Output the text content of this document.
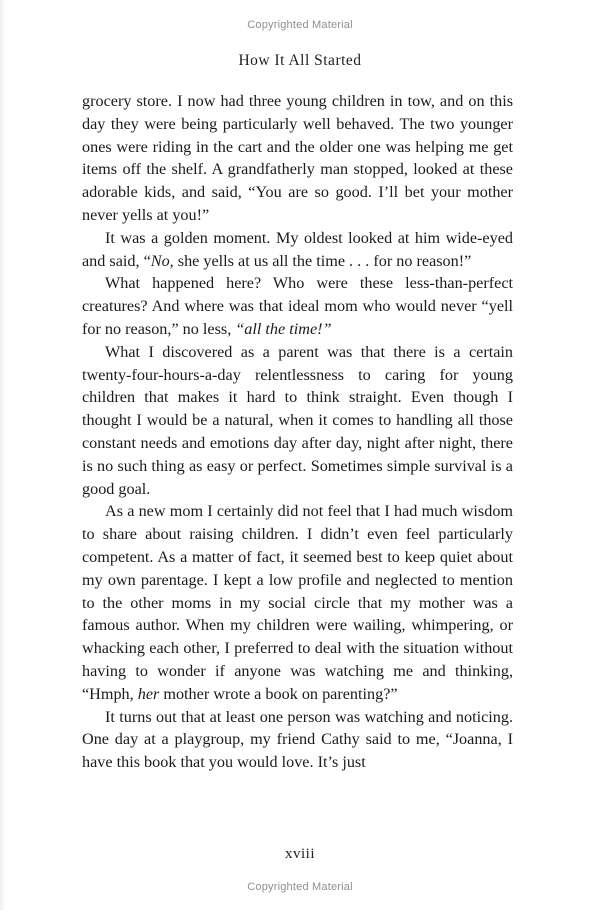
Copyrighted Material
How It All Started

grocery store. I now had three young children in tow, and on this day they were being particularly well behaved. The two younger ones were riding in the cart and the older one was helping me get items off the shelf. A grandfatherly man stopped, looked at these adorable kids, and said, “You are so good. I’ll bet your mother never yells at you!”

It was a golden moment. My oldest looked at him wide-eyed and said, “No, she yells at us all the time . . . for no reason!”

What happened here? Who were these less-than-perfect creatures? And where was that ideal mom who would never “yell for no reason,” no less, “all the time!”

What I discovered as a parent was that there is a certain twenty-four-hours-a-day relentlessness to caring for young children that makes it hard to think straight. Even though I thought I would be a natural, when it comes to handling all those constant needs and emotions day after day, night after night, there is no such thing as easy or perfect. Sometimes simple survival is a good goal.

As a new mom I certainly did not feel that I had much wisdom to share about raising children. I didn’t even feel particularly competent. As a matter of fact, it seemed best to keep quiet about my own parentage. I kept a low profile and neglected to mention to the other moms in my social circle that my mother was a famous author. When my children were wailing, whimpering, or whacking each other, I preferred to deal with the situation without having to wonder if anyone was watching me and thinking, “Hmph, her mother wrote a book on parenting?”

It turns out that at least one person was watching and noticing. One day at a playgroup, my friend Cathy said to me, “Joanna, I have this book that you would love. It’s just

xviii
Copyrighted Material
